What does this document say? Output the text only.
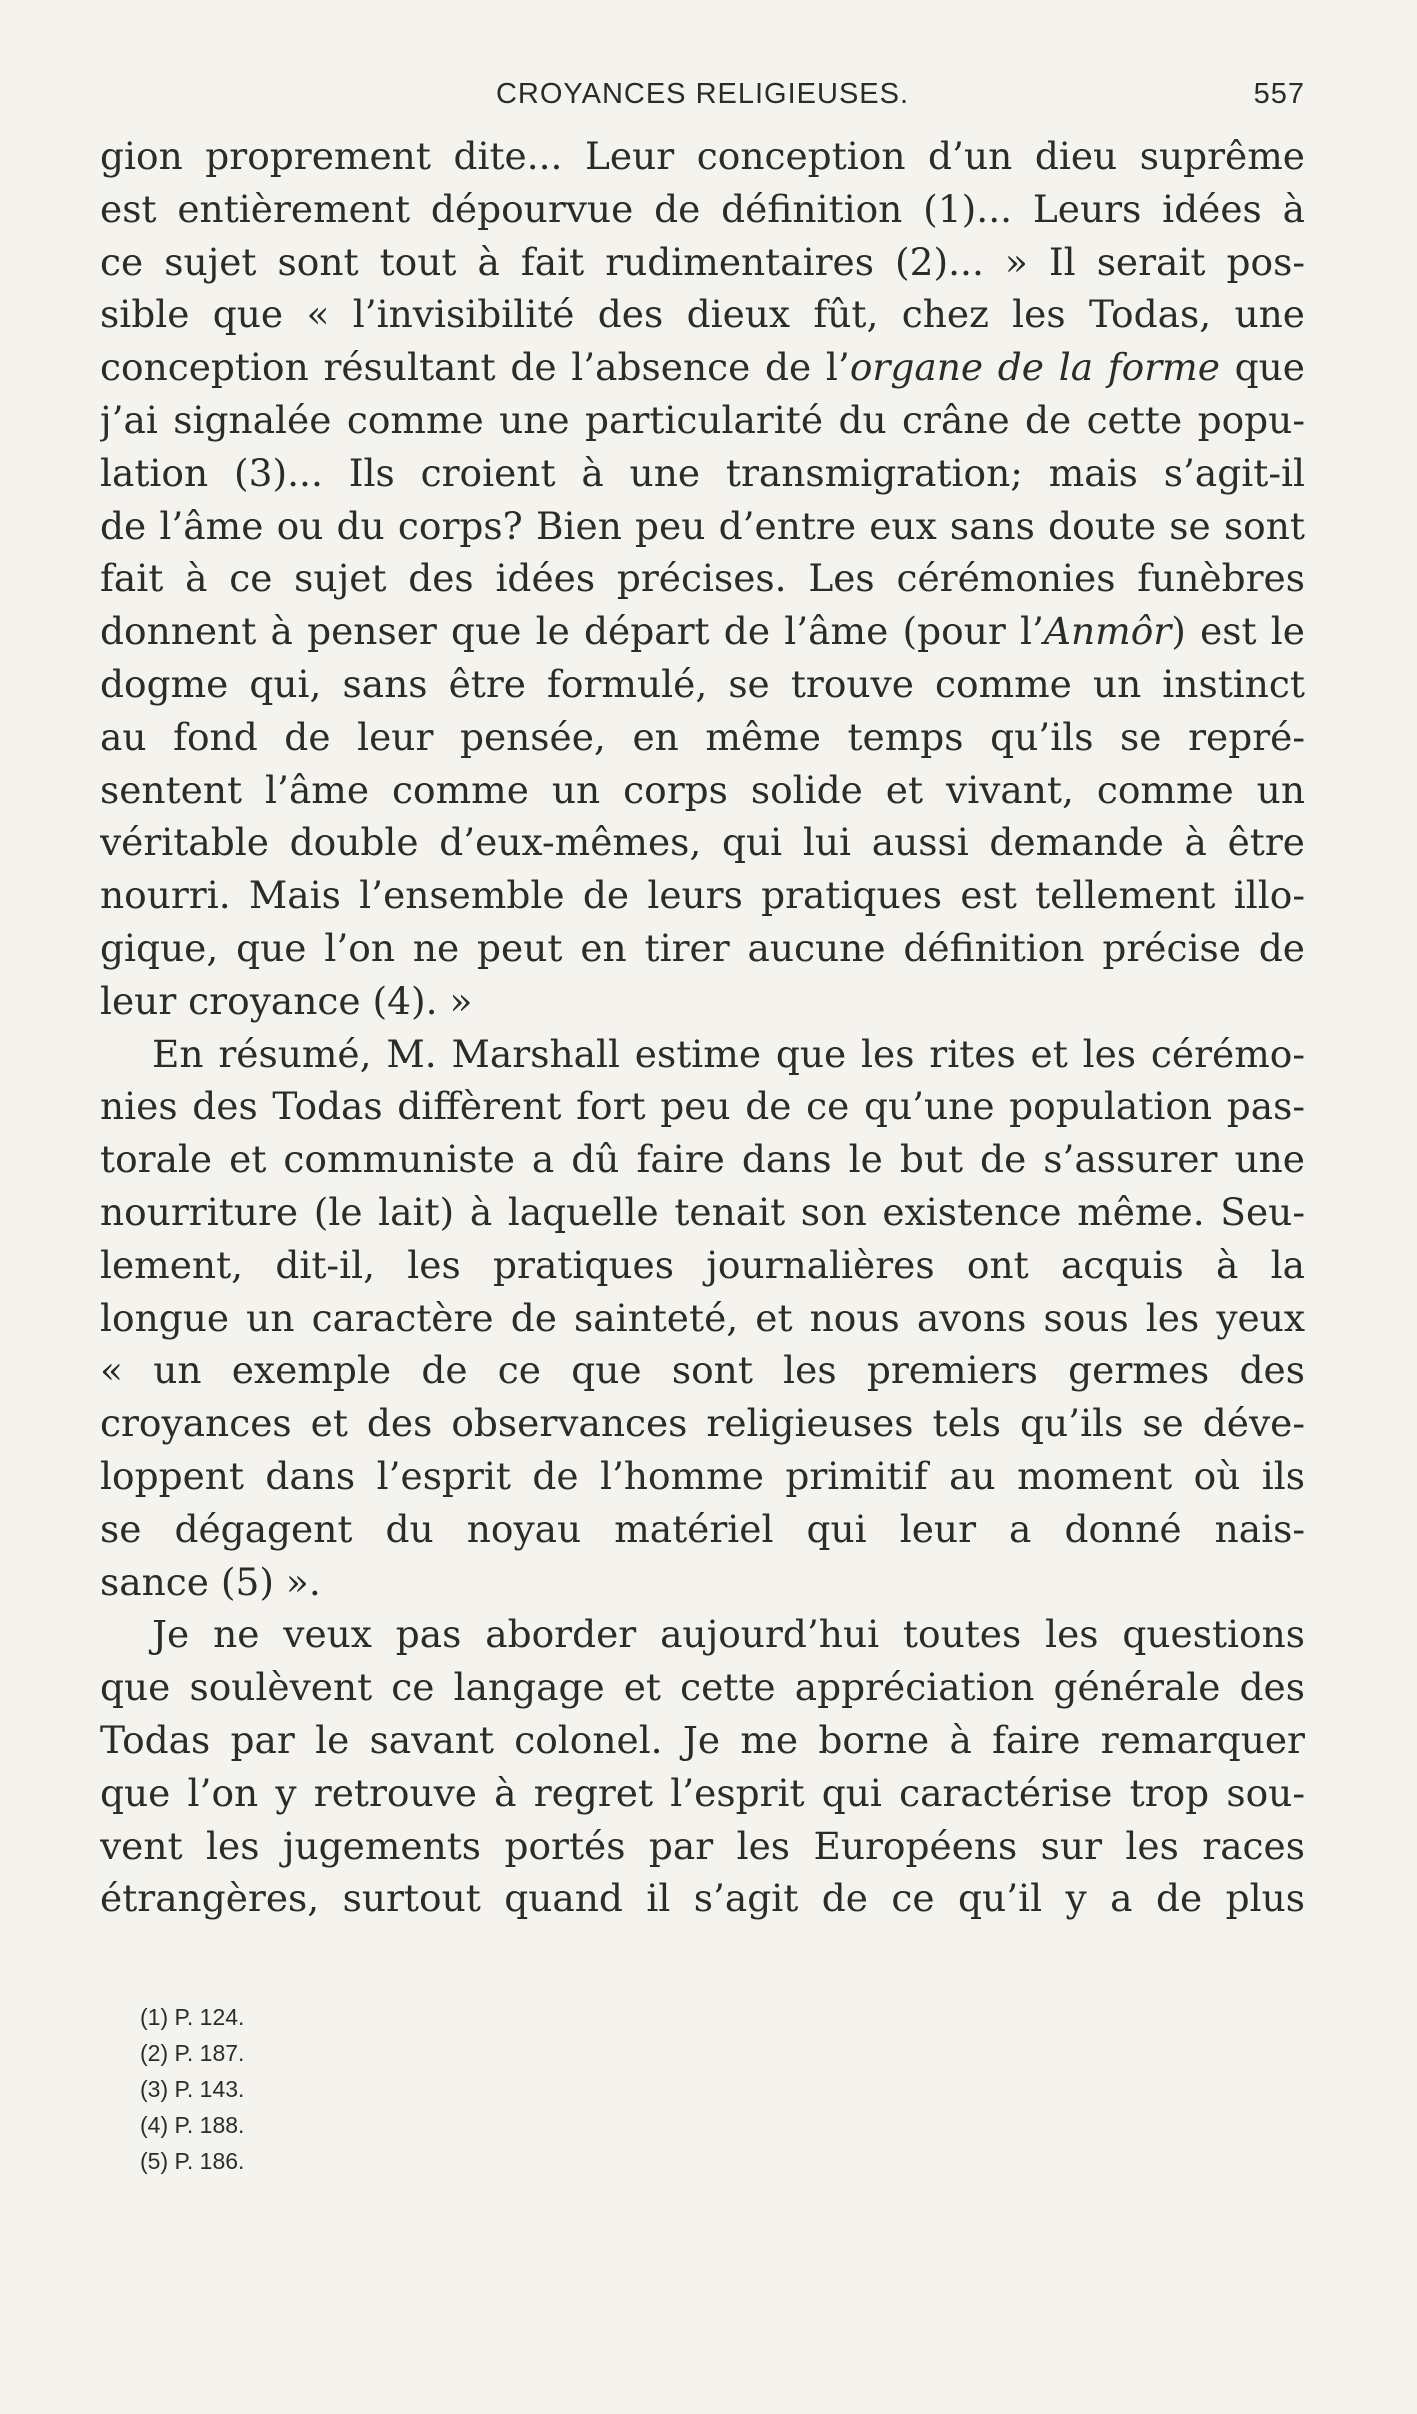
CROYANCES RELIGIEUSES.	557
gion proprement dite... Leur conception d’un dieu suprême
est entièrement dépourvue de définition (1)... Leurs idées à
ce sujet sont tout à fait rudimentaires (2)... » Il serait pos-
sible que « l’invisibilité des dieux fût, chez les Todas, une
conception résultant de l’absence de l’organe de la forme que
j’ai signalée comme une particularité du crâne de cette popu-
lation (3)... Ils croient à une transmigration; mais s’agit-il
de l’âme ou du corps? Bien peu d’entre eux sans doute se sont
fait à ce sujet des idées précises. Les cérémonies funèbres
donnent à penser que le départ de l’âme (pour l’Anmôr) est le
dogme qui, sans être formulé, se trouve comme un instinct
au fond de leur pensée, en même temps qu’ils se repré-
sentent l’âme comme un corps solide et vivant, comme un
véritable double d’eux-mêmes, qui lui aussi demande à être
nourri. Mais l’ensemble de leurs pratiques est tellement illo-
gique, que l’on ne peut en tirer aucune définition précise de
leur croyance (4). »
En résumé, M. Marshall estime que les rites et les cérémo-
nies des Todas diffèrent fort peu de ce qu’une population pas-
torale et communiste a dû faire dans le but de s’assurer une
nourriture (le lait) à laquelle tenait son existence même. Seu-
lement, dit-il, les pratiques journalières ont acquis à la
longue un caractère de sainteté, et nous avons sous les yeux
« un exemple de ce que sont les premiers germes des
croyances et des observances religieuses tels qu’ils se déve-
loppent dans l’esprit de l’homme primitif au moment où ils
se dégagent du noyau matériel qui leur a donné nais-
sance (5) ».
Je ne veux pas aborder aujourd’hui toutes les questions
que soulèvent ce langage et cette appréciation générale des
Todas par le savant colonel. Je me borne à faire remarquer
que l’on y retrouve à regret l’esprit qui caractérise trop sou-
vent les jugements portés par les Européens sur les races
étrangères, surtout quand il s’agit de ce qu’il y a de plus
(1) P. 124.
(2) P. 187.
(3) P. 143.
(4) P. 188.
(5) P. 186.
